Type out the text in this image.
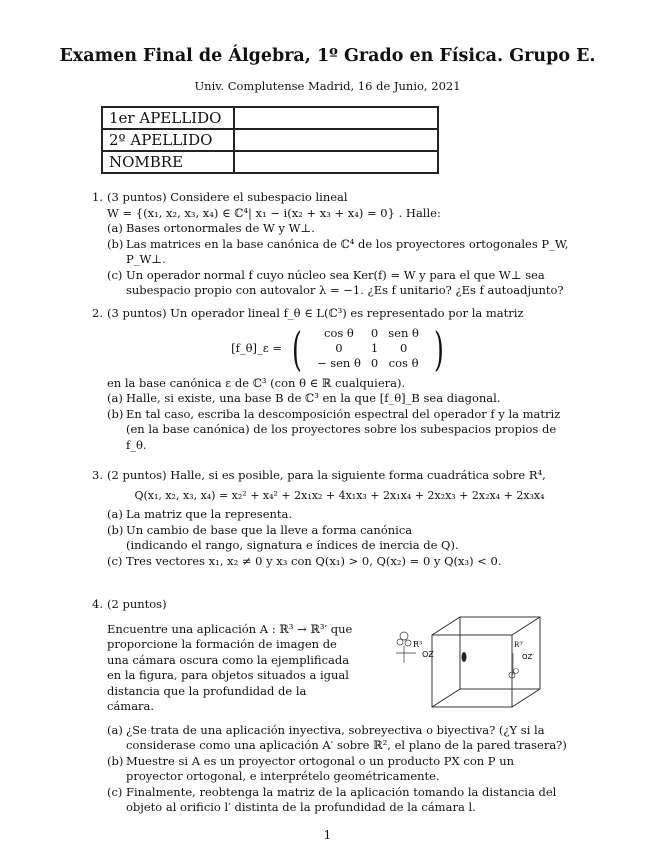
Examen Final de Álgebra, 1º Grado en Física. Grupo E.
Univ. Complutense Madrid, 16 de Junio, 2021
1er APELLIDO	
2º APELLIDO	
NOMBRE	
1. (3 puntos) Considere el subespacio lineal
W = {(x₁, x₂, x₃, x₄) ∈ ℂ⁴| x₁ − i(x₂ + x₃ + x₄) = 0} . Halle:
(a) Bases ortonormales de W y W⊥.
(b) Las matrices en la base canónica de ℂ⁴ de los proyectores ortogonales P_W, P_W⊥.
(c) Un operador normal f cuyo núcleo sea Ker(f) = W y para el que W⊥ sea subespacio propio con autovalor λ = −1. ¿Es f unitario? ¿Es f autoadjunto?
2. (3 puntos) Un operador lineal f_θ ∈ L(ℂ³) es representado por la matriz
[f_θ]_ε = ( cos θ	0	sen θ
0	1	0
− sen θ	0	cos θ )
en la base canónica ε de ℂ³ (con θ ∈ ℝ cualquiera).
(a) Halle, si existe, una base B de ℂ³ en la que [f_θ]_B sea diagonal.
(b) En tal caso, escriba la descomposición espectral del operador f y la matriz (en la base canónica) de los proyectores sobre los subespacios propios de f_θ.
3. (2 puntos) Halle, si es posible, para la siguiente forma cuadrática sobre R⁴,
Q(x₁, x₂, x₃, x₄) = x₂² + x₄² + 2x₁x₂ + 4x₁x₃ + 2x₁x₄ + 2x₂x₃ + 2x₂x₄ + 2x₃x₄
(a) La matriz que la representa.
(b) Un cambio de base que la lleve a forma canónica
(indicando el rango, signatura e índices de inercia de Q).
(c) Tres vectores x₁, x₂ ≠ 0 y x₃ con Q(x₁) > 0, Q(x₂) = 0 y Q(x₃) < 0.
4. (2 puntos)
Encuentre una aplicación A : ℝ³ → ℝ³′ que proporcione la formación de imagen de una cámara oscura como la ejemplificada en la figura, para objetos situados a igual distancia que la profundidad de la cámara.
(a) ¿Se trata de una aplicación inyectiva, sobreyectiva o biyectiva? (¿Y si la considerase como una aplicación A′ sobre ℝ², el plano de la pared trasera?)
(b) Muestre si A es un proyector ortogonal o un producto PX con P un proyector ortogonal, e interprételo geométricamente.
(c) Finalmente, reobtenga la matriz de la aplicación tomando la distancia del objeto al orificio l′ distinta de la profundidad de la cámara l.
R³
OZ
R³′
OZ′
1
